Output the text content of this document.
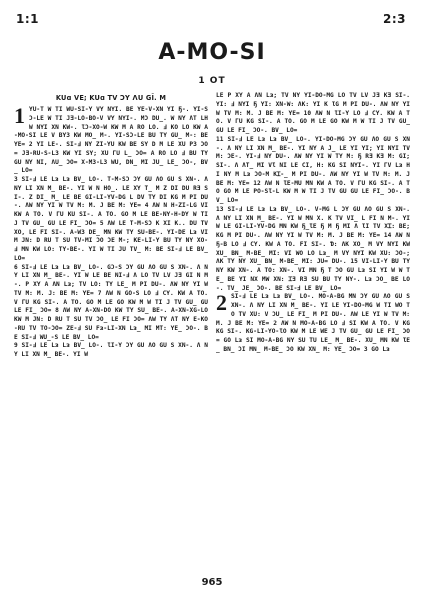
1:1	2:3
A-MO-SI
1 OT
KUɑ VE; KUɑ TV ƆY ɅU GĨ. M

1 YU-T W TI WU-SI-Y VY NYI. BE YE-V-XN YI Ҕ-. YI-SƆ-LE W TI JƎ-LO-BO-V VY NYI-. MƆ DU_. W NY ɅT LH W NYI XN KW-. ƖƆ-XO-W KW M A RO LO. Ⅎ KO LO KW A-MO-SI LE V BY3 KW MO_ M-. YI-SƆ-LE BU TY GU_ M-: BE YE= 2 YI LE-. SI-Ⅎ NY ZI-YU KW BE SY D M LE XU P3 ƆO= JƎ-RU-S-L3 KW YI SY; XU ГU L_ ƆO= A RO LO Ⅎ BU TY GU NY NI, ɅU_ ƆO= X-M3-L3 WU, DN_ MI JU_ LE_ ƆO-, BV_ LO=

3 SI-Ⅎ LE Lɜ Lɜ BV_ LO-. T-M-SƆ ƆY GU ɅO GU S XN-. Ʌ NY LI XN M_ BE-. YI W N HO_. LE XY T_ M Z DI DU RƎ SI-. Z DI_ M_ LE BE GI-LI-YV-DG L DV TY DI KG M PI DU-. ɅW NY YI W TV M: M. J BE M: YE= 4 ɅW N H-ZI-LG VI KW A TO. V ГU KU SI-. A TO. GO M LE BE-NY-H-DY W TI J TV GU_ GU LE FI_ ƆO= 5 ɅW LE T-M-SƆ K XI K.. DU TV XO, LE FI SI-. A-W3 DE_ MN KW TY SU-BE-. YI-DE Lɜ VI M JN: D RU T SU TV-MI ƆO ƆE M-; KE-LI-Y BU TY NY XO-Ⅎ MN KW LO: TY-BE-. YI W TI JU TV_ M: BE SI-Ⅎ LE BV_ LO=

6 SI-Ⅎ LE Lɜ Lɜ BV_ LO-. GƆ-S ƆY GU ɅO GU S XN-. Ʌ NY LI XN M_ BE-. YI W LE BE NI-Ⅎ Ʌ LO TV LV JƎ GI N M-. P XY A ɅN Lɜ; TV LO: TY LE_ M PI DU-. ɅW NY YI W TV M: M. J: BE M: YE= 7 ɅW N GO-S LO Ⅎ CY. KW A TO. V ГU KG SI-. A TO. GO M LE GO KW M W TI J TV GU_ GU LE FI_ ƆO= 8 ɅW NY A-XN-DO KW TY SU_ BE-. A-XN-XG-LO KW M JN: D RU T SU TV ƆO_ LE FI ƆO= ɅW TY ɅT NY E-KO-RU TV TO-ƆO= ZE-Ⅎ SU Fɜ-LI-XN Lɜ_ MI MT: YE_ ƆO-. BE SI-Ⅎ WU_-S LE BV_ LO=

9 SI-Ⅎ LE Lɜ Lɜ BV_ LO-. ƖI-Y ƆY GU ɅO GU S XN-. Ʌ NY LI XN M_ BE-. YI W

LE P XY A ɅN Lɜ; TV NY YI-DO-MG LO TV LV JƎ KƎ SI-. YI: Ⅎ NYI Ҕ YI: XN-W: ɅK: YI K ƖG M PI DU-. ɅW NY YI W TV M: M. J BE M: YE= 10 ɅW N ƖI-Y LO Ⅎ CY. KW A TO. V ГU KG SI-. A TO. GO M LE GO KW M W TI J TV GU_ GU LE FI_ ƆO-. BV_ LO=

11 SI-Ⅎ LE Lɜ Lɜ BV_ LO-. YI-DO-MG ƆY GU ɅO GU S XN-. Ʌ NY LI XN M_ BE-. YI NY A J_ LE YI YI; YI NYI TV M: ƆE-. YI-Ⅎ NY DU-. ɅW NY YI W TY M: Ҕ RƎ KƎ M: GI; SI-. Ʌ ɅT_ MI VƖ NI LE CI, H: KG SI NYI-. YI ГV Lɜ HI NY M Lɜ ƆO-M KꞮ-_ M PI DU-. ɅW NY YI W TV M: M. J BE M: YE= 12 ɅW N ƖE-MU MN KW A TO. V ГU KG SI-. A TO GO M LE PO-SƖ-L KW M W TI J TV GU GU LE FI_ ƆO-. BV_ LO=

13 SI-Ⅎ LE Lɜ Lɜ BV_ LO-. V-MG L ƆY GU ɅO GU S XN-. Ʌ NY LI XN M_ BE-. YI W MN X. K TV VI_ L FI N M-. YI W LE GI-LI-YV-DG MN KW Ҕ_ƖE Ҕ M Ҕ MI Ʌ ƖI TV XꞮ: BE; KG M PI DU-. ɅW NY YI W TV M: M. J BE M: YE= 14 ɅW N Ҕ-B LO Ⅎ CY. KW A TO. FI SI-. Ɗ: ɅK XO_ M VY NYI KW XU_ BN_ M-BE_ MI: VI WO LO Lɜ_ M VY NYI KW XU: ƆO-; ɅK TY NY XU_ BN_ M-BE_ MI: JU= DU-. 15 VI-LI-Y BU TY NY KW XN-. A TO: XN-. VI MN Ҕ T ƆO GU Lɜ SI YI W W TE_ BE YI NX MW XN: ꞮƎ RƎ SU BU TY NY-. Lɜ ƆO_ BE LO-. TV_ JE_ ƆO-. BE SI-Ⅎ LE BV_ LO=

2 SI-Ⅎ LE Lɜ Lɜ BV_ LO-. MO-A-BG MN ƆY GU ɅO GU S XN-. Ʌ NY LI XN M_ BE-. YI LE YI-DO-MG W TI WO TO TV XU: V ƆU_ LE FI_ M PI DU-. ɅW LE YI W TV M: M. J BE M: YE= 2 ɅW N MO-A-BG LO Ⅎ SI KW A TO. V KG KG SI-. KG-LI-YO-ƖO KW M LE WE J TV GU_ GU LE FI_ ƆO= GO Lɜ SI MO-A-BG NY SU TU LE_ M_ BE-. XU_ MN KW ƖE_ BN_ ƆI MN_ M-BE_ ƆO KW XN_ M: YE_ ƆO= 3 GO Lɜ

965
